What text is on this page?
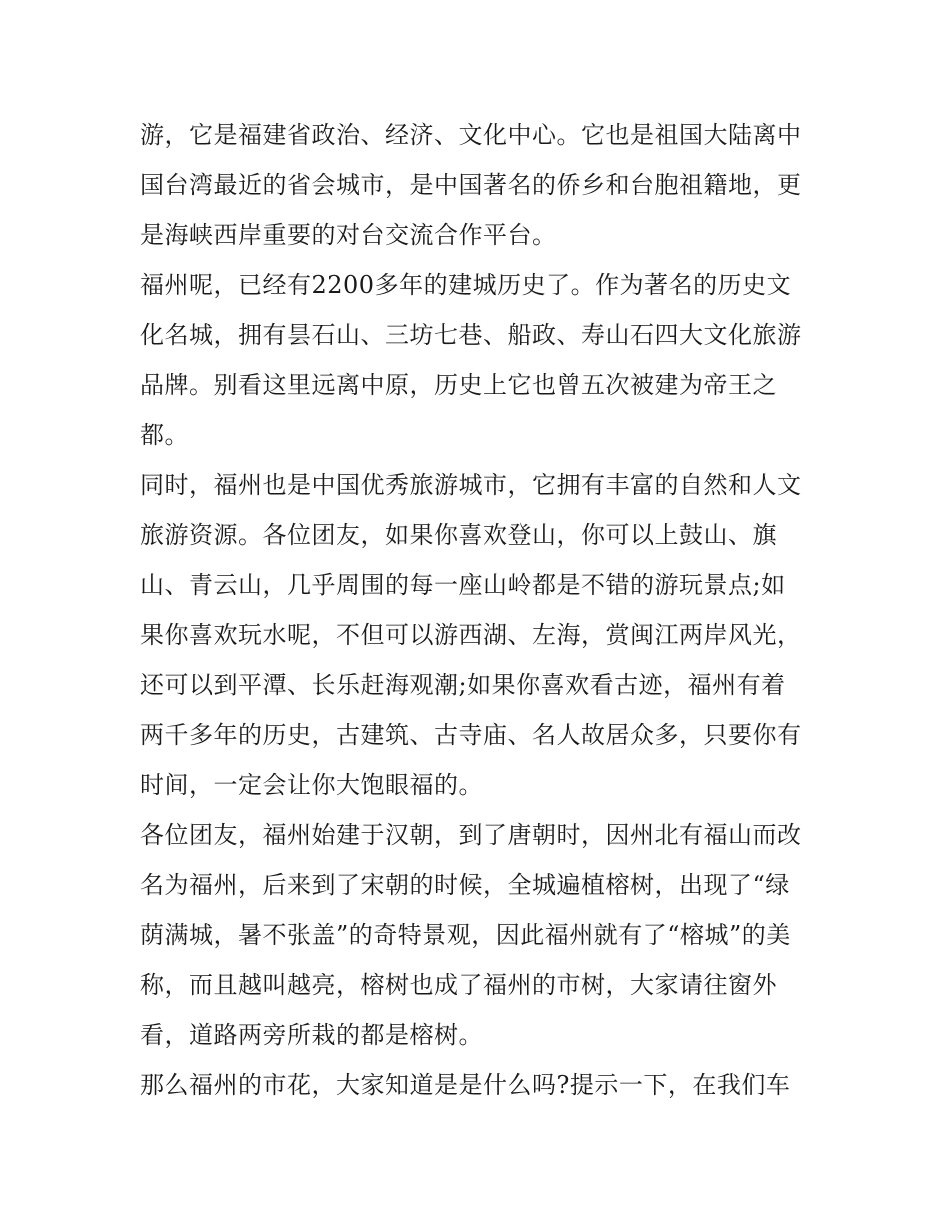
游，它是福建省政治、经济、文化中心。它也是祖国大陆离中
国台湾最近的省会城市，是中国著名的侨乡和台胞祖籍地，更
是海峡西岸重要的对台交流合作平台。
福州呢，已经有2200多年的建城历史了。作为著名的历史文
化名城，拥有昙石山、三坊七巷、船政、寿山石四大文化旅游
品牌。别看这里远离中原，历史上它也曾五次被建为帝王之
都。
同时，福州也是中国优秀旅游城市，它拥有丰富的自然和人文
旅游资源。各位团友，如果你喜欢登山，你可以上鼓山、旗
山、青云山，几乎周围的每一座山岭都是不错的游玩景点;如
果你喜欢玩水呢，不但可以游西湖、左海，赏闽江两岸风光，
还可以到平潭、长乐赶海观潮;如果你喜欢看古迹，福州有着
两千多年的历史，古建筑、古寺庙、名人故居众多，只要你有
时间，一定会让你大饱眼福的。
各位团友，福州始建于汉朝，到了唐朝时，因州北有福山而改
名为福州，后来到了宋朝的时候，全城遍植榕树，出现了“绿
荫满城，暑不张盖”的奇特景观，因此福州就有了“榕城”的美
称，而且越叫越亮，榕树也成了福州的市树，大家请往窗外
看，道路两旁所栽的都是榕树。
那么福州的市花，大家知道是是什么吗?提示一下，在我们车
